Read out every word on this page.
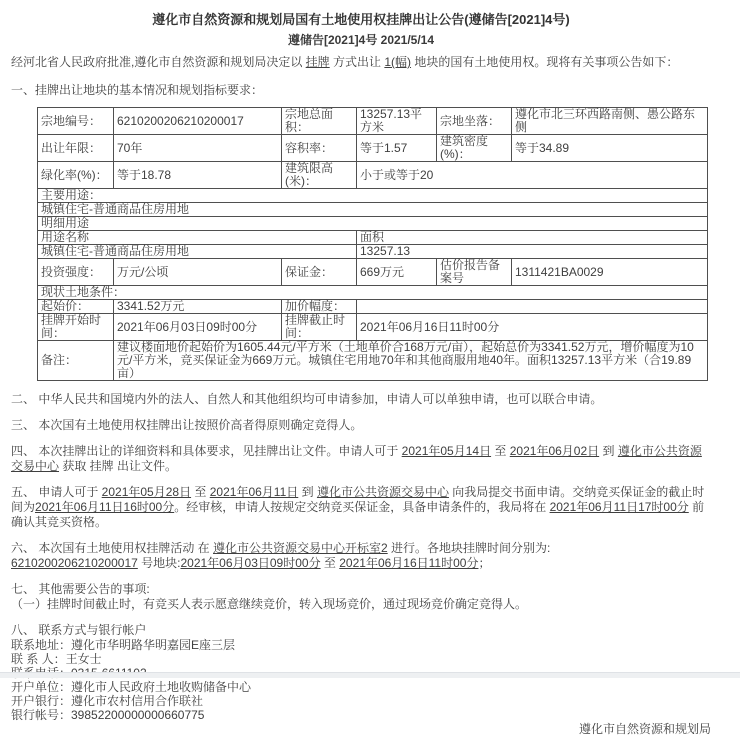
遵化市自然资源和规划局国有土地使用权挂牌出让公告(遵储告[2021]4号)
遵储告[2021]4号 2021/5/14
经河北省人民政府批准,遵化市自然资源和规划局决定以 挂牌 方式出让 1(幅) 地块的国有土地使用权。现将有关事项公告如下：
一、挂牌出让地块的基本情况和规划指标要求：
宗地编号：	6210200206210200017	宗地总面积：	13257.13平方米	宗地坐落：	遵化市北三环西路南侧、愚公路东侧
出让年限：	70年	容积率：	等于1.57	建筑密度(%)：	等于34.89
绿化率(%)：	等于18.78	建筑限高(米)：	小于或等于20		
主要用途：					
城镇住宅-普通商品住房用地					
明细用途					
用途名称			面积		
城镇住宅-普通商品住房用地			13257.13		
投资强度：	万元/公顷	保证金：	669万元	估价报告备案号	1311421BA0029
现状土地条件：					
起始价：	3341.52万元	加价幅度：			
挂牌开始时间：	2021年06月03日09时00分	挂牌截止时间：	2021年06月16日11时00分		
备注：	建议楼面地价起始价为1605.44元/平方米（土地单价合168万元/亩），起始总价为3341.52万元，增价幅度为10元/平方米，竞买保证金为669万元。城镇住宅用地70年和其他商服用地40年。面积13257.13平方米（合19.89亩）				
二、 中华人民共和国境内外的法人、自然人和其他组织均可申请参加，申请人可以单独申请，也可以联合申请。
三、 本次国有土地使用权挂牌出让按照价高者得原则确定竞得人。
四、 本次挂牌出让的详细资料和具体要求，见挂牌出让文件。申请人可于 2021年05月14日 至 2021年06月02日 到 遵化市公共资源交易中心 获取 挂牌 出让文件。
五、 申请人可于 2021年05月28日 至 2021年06月11日 到 遵化市公共资源交易中心 向我局提交书面申请。交纳竞买保证金的截止时间为2021年06月11日16时00分。经审核，申请人按规定交纳竞买保证金，具备申请条件的，我局将在 2021年06月11日17时00分 前确认其竞买资格。
六、 本次国有土地使用权挂牌活动 在 遵化市公共资源交易中心开标室2 进行。各地块挂牌时间分别为:
6210200206210200017 号地块:2021年06月03日09时00分 至 2021年06月16日11时00分；
七、 其他需要公告的事项:
（一）挂牌时间截止时，有竞买人表示愿意继续竞价，转入现场竞价，通过现场竞价确定竞得人。
八、 联系方式与银行帐户
联系地址：遵化市华明路华明嘉园E座三层
联 系 人：王女士
开户单位：遵化市人民政府土地收购储备中心
开户银行：遵化市农村信用合作联社
银行帐号：39852200000000660775
遵化市自然资源和规划局
